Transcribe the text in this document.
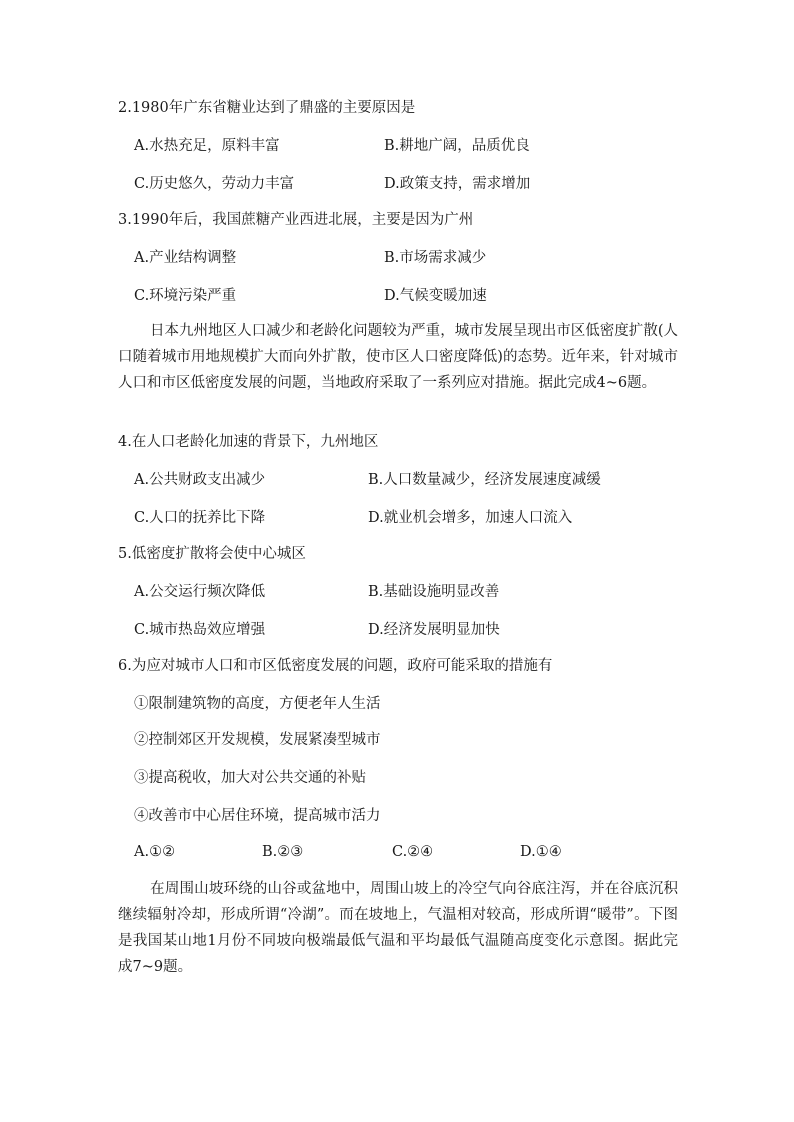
2.1980年广东省糖业达到了鼎盛的主要原因是
A.水热充足，原料丰富	B.耕地广阔，品质优良
C.历史悠久，劳动力丰富	D.政策支持，需求增加
3.1990年后，我国蔗糖产业西进北展，主要是因为广州
A.产业结构调整	B.市场需求减少
C.环境污染严重	D.气候变暖加速
日本九州地区人口减少和老龄化问题较为严重，城市发展呈现出市区低密度扩散(人口随着城市用地规模扩大而向外扩散，使市区人口密度降低)的态势。近年来，针对城市人口和市区低密度发展的问题，当地政府采取了一系列应对措施。据此完成4~6题。
4.在人口老龄化加速的背景下，九州地区
A.公共财政支出减少	B.人口数量减少，经济发展速度减缓
C.人口的抚养比下降	D.就业机会增多，加速人口流入
5.低密度扩散将会使中心城区
A.公交运行频次降低	B.基础设施明显改善
C.城市热岛效应增强	D.经济发展明显加快
6.为应对城市人口和市区低密度发展的问题，政府可能采取的措施有
①限制建筑物的高度，方便老年人生活
②控制郊区开发规模，发展紧凑型城市
③提高税收，加大对公共交通的补贴
④改善市中心居住环境，提高城市活力
A.①②	B.②③	C.②④	D.①④
在周围山坡环绕的山谷或盆地中，周围山坡上的冷空气向谷底注泻，并在谷底沉积继续辐射冷却，形成所谓“冷湖”。而在坡地上，气温相对较高，形成所谓“暖带”。下图是我国某山地1月份不同坡向极端最低气温和平均最低气温随高度变化示意图。据此完成7~9题。
